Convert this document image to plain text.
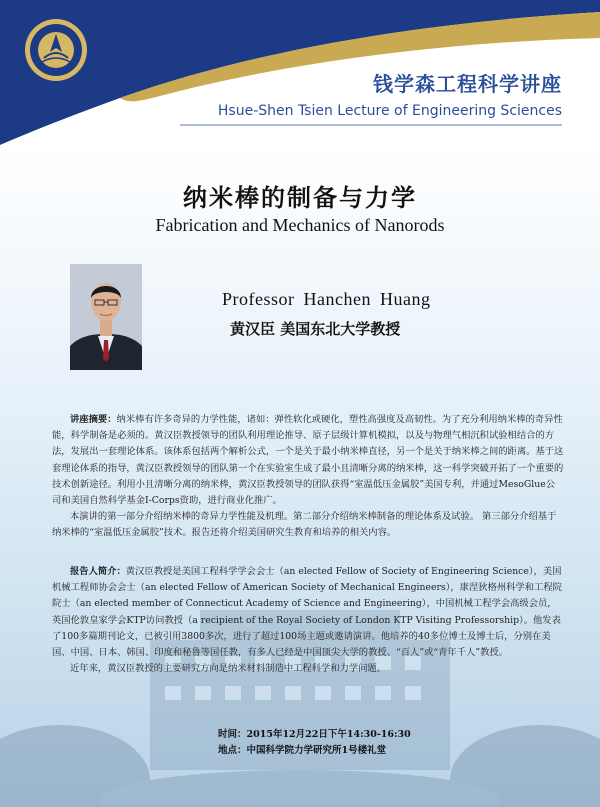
钱学森工程科学讲座
Hsue-Shen Tsien Lecture of Engineering Sciences
纳米棒的制备与力学
Fabrication and Mechanics of Nanorods
Professor Hanchen Huang
黄汉臣 美国东北大学教授

讲座摘要：纳米棒有许多奇异的力学性能，诸如：弹性软化或硬化，塑性高强度及高韧性。为了充分利用纳米棒的奇异性能，科学制备是必须的。黄汉臣教授领导的团队利用理论推导、原子层级计算机模拟，以及与物理气相沉积试验相结合的方法，发展出一套理论体系。该体系包括两个解析公式，一个是关于最小纳米棒直径，另一个是关于纳米棒之间的距离。基于这套理论体系的指导，黄汉臣教授领导的团队第一个在实验室生成了最小且清晰分离的纳米棒，这一科学突破开拓了一个重要的技术创新途径。利用小且清晰分离的纳米棒，黄汉臣教授领导的团队获得“室温低压金属胶”美国专利，并通过MesoGlue公司和美国自然科学基金I-Corps资助，进行商业化推广。

本演讲的第一部分介绍纳米棒的奇异力学性能及机理。第二部分介绍纳米棒制备的理论体系及试验。 第三部分介绍基于纳米棒的“室温低压金属胶”技术。报告还将介绍美国研究生教育和培养的相关内容。

报告人简介：黄汉臣教授是美国工程科学学会会士（an elected Fellow of Society of Engineering Science），美国机械工程师协会会士（an elected Fellow of American Society of Mechanical Engineers），康涅狄格州科学和工程院院士（an elected member of Connecticut Academy of Science and Engineering），中国机械工程学会高级会员，英国伦敦皇家学会KTP访问教授（a recipient of the Royal Society of London KTP Visiting Professorship）。他发表了100多篇期刊论文，已被引用3800多次，进行了超过100场主题或邀请演讲。他培养的40多位博士及博士后，分别在美国、中国、日本、韩国、印度和秘鲁等国任教，有多人已经是中国顶尖大学的教授、“百人”或“青年千人”教授。

近年来，黄汉臣教授的主要研究方向是纳米材料制造中工程科学和力学问题。

时间：2015年12月22日下午14:30-16:30
地点：中国科学院力学研究所1号楼礼堂
